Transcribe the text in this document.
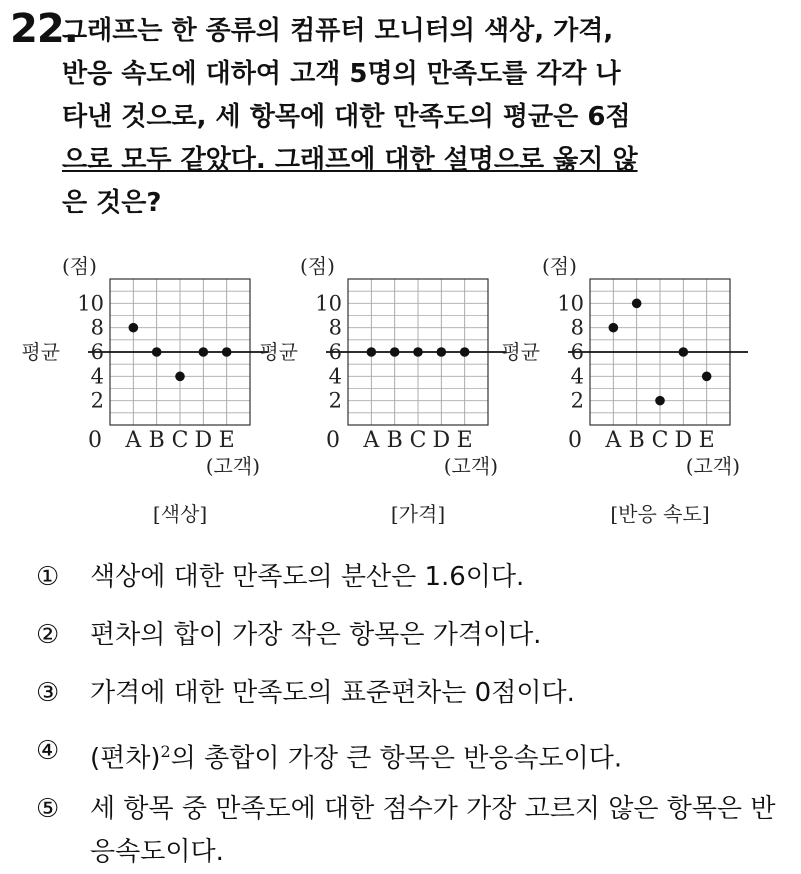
22.
그래프는 한 종류의 컴퓨터 모니터의 색상, 가격,
반응 속도에 대하여 고객 5명의 만족도를 각각 나
타낸 것으로, 세 항목에 대한 만족도의 평균은 6점
으로 모두 같았다. 그래프에 대한 설명으로 옳지 않
은 것은?
(점)
2
4
6
8
10
평균
0 A B C D E
(고객)
[색상]
(점)
2
4
6
8
10
평균
0 A B C D E
(고객)
[가격]
(점)
2
4
6
8
10
평균
0 A B C D E
(고객)
[반응 속도]
① 색상에 대한 만족도의 분산은 1.6이다.
② 편차의 합이 가장 작은 항목은 가격이다.
③ 가격에 대한 만족도의 표준편차는 0점이다.
④ (편차)$^2$의 총합이 가장 큰 항목은 반응속도이다.
⑤ 세 항목 중 만족도에 대한 점수가 가장 고르지 않은 항목은 반응속도이다.
